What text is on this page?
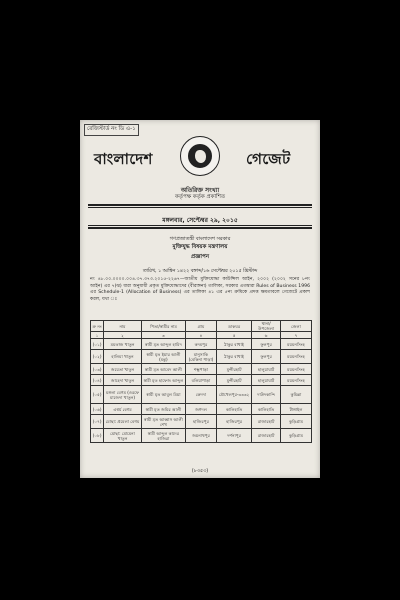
রেজিস্টার্ড নং ডি এ-১
বাংলাদেশ	গেজেট
অতিরিক্ত সংখ্যা
কর্তৃপক্ষ কর্তৃক প্রকাশিত
মঙ্গলবার, সেপ্টেম্বর ২৯, ২০১৫
গণপ্রজাতন্ত্রী বাংলাদেশ সরকার
মুক্তিযুদ্ধ বিষয়ক মন্ত্রণালয়
প্রজ্ঞাপন
তারিখ, ১ আশ্বিন ১৪২২ বঙ্গাব্দ/১৬ সেপ্টেম্বর ২০১৫ খ্রিস্টাব্দ
নং ৪৮.০০.০০০০.০০৪.৩৭.৩৭৩.২০১৫-২২৬৭—জাতীয় মুক্তিযোদ্ধা কাউন্সিল আইন, ২০০২ (২০০২ সনের ৮নং আইন) এর ৭(ঝ) ধারা অনুযায়ী প্রকৃত মুক্তিযোদ্ধাদের (বীরাঙ্গনা) তালিকা, সরকার এতদ্বারা Rules of Business 1996 এর Schedule-1 (Allocation of Business) এর তালিকা ৪১ এর ৫নং ক্রমিকে প্রদত্ত ক্ষমতাবলে গেজেটে প্রকাশ করল, যথা ঃ
ক্র নং	নাম	পিতা/স্বামীর নাম	গ্রাম	ডাকঘর	থানা/ উপজেলা	জেলা
১	২	৩	৪	৫	৬	৭
(০১)	মমতাজ খাতুন	স্বামী মৃত আব্দুল হামিদ	কদমপুর	ঠাকুর বাখাই	ফুলপুর	ময়মনসিংহ
(০২)	হালিমা খাতুন	স্বামী মৃত ইয়ার আলী (মন্তু)	মানুসাকি (বেকিনা পাড়া)	ঠাকুর বাখাই	ফুলপুর	ময়মনসিংহ
(০৩)	জয়েতা খাতুন	স্বামী মৃত আবেদ আলী	শম্ভূপাড়া	মুন্সীরহাট	হালুয়াঘাট	ময়মনসিংহ
(০৪)	জাহেদা খাতুন	স্বামী মৃত হাফেজ আব্দুল	বলিয়াপাড়া	মুন্সীরহাট	হালুয়াঘাট	ময়মনসিংহ
(০৫)	মঙ্গলা বেগম (ওরফে মাজেদা খাতুন)	স্বামী মৃত আবুল মিয়া	কেদদা	মৌখেলপুর-৩৩৩২	দাউদকান্দি	কুমিল্লা
(০৬)	এশ্বর্য বেগম	স্বামী মৃত জমির আলী	জগদল	কালিহাতি	কালিহাতি	টাঙ্গাইল
(০৭)	মোছা: প্রমেলা বেগম	স্বামী মৃত আব্বাস আলী শেখ	হাজিরপুর	হাজিরপুর	রাজারহাট	কুড়িগ্রাম
(০৮)	মোছা: মোমেনা খাতুন	স্বামী আব্দুল কাদের হাজিরা	জয়নাথপুর	দর্শনাপুর	রাজারহাট	কুড়িগ্রাম
(৮৩৫৩)
